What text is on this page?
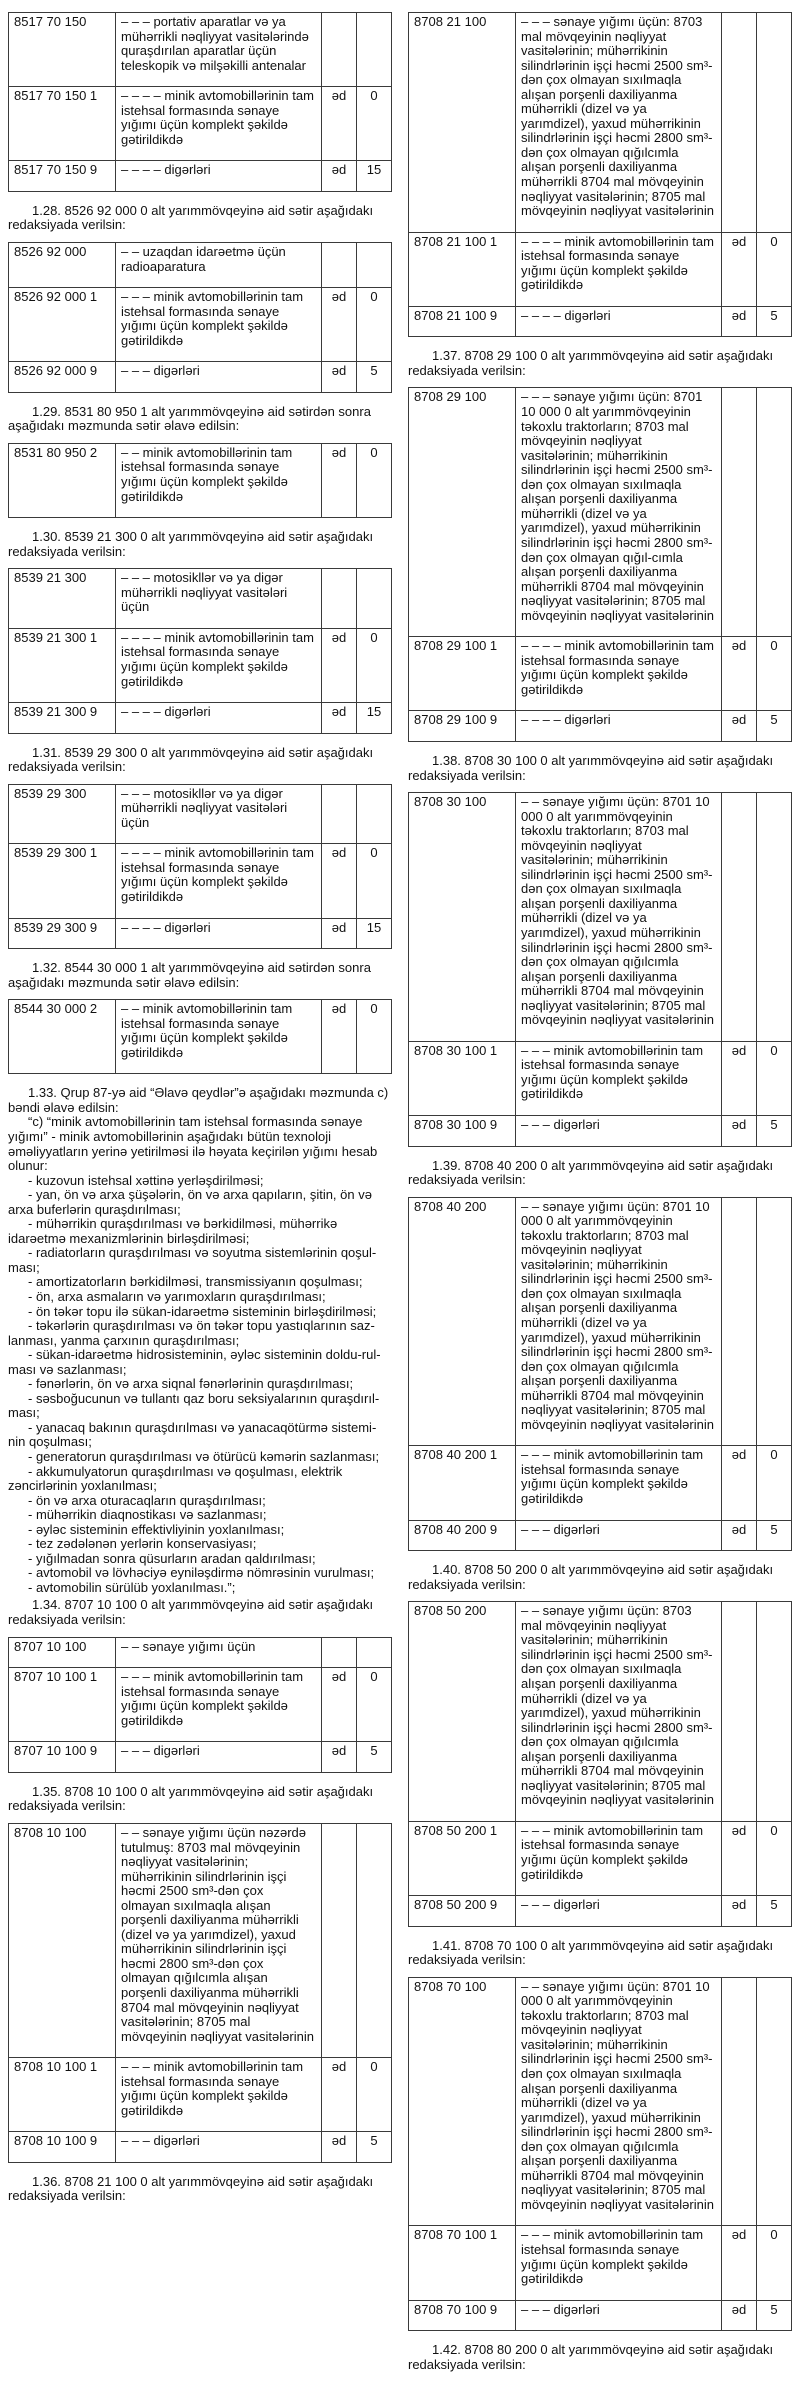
8517 70 150	– – – portativ aparatlar və ya mühərrikli nəqliyyat vasitələrində quraşdırılan aparatlar üçün teleskopik və milşəkilli antenalar		
8517 70 150 1	– – – – minik avtomobillərinin tam istehsal formasında sənaye yığımı üçün komplekt şəkildə gətirildikdə	əd	0
8517 70 150 9	– – – – digərləri	əd	15

1.28. 8526 92 000 0 alt yarımmövqeyinə aid sətir aşağıdakı redaksiyada verilsin:

8526 92 000	– – uzaqdan idarəetmə üçün radioaparatura		
8526 92 000 1	– – – minik avtomobillərinin tam istehsal formasında sənaye yığımı üçün komplekt şəkildə gətirildikdə	əd	0
8526 92 000 9	– – – digərləri	əd	5

1.29. 8531 80 950 1 alt yarımmövqeyinə aid sətirdən sonra aşağıdakı məzmunda sətir əlavə edilsin:

8531 80 950 2	– – minik avtomobillərinin tam istehsal formasında sənaye yığımı üçün komplekt şəkildə gətirildikdə	əd	0

1.30. 8539 21 300 0 alt yarımmövqeyinə aid sətir aşağıdakı redaksiyada verilsin:

8539 21 300	– – – motosikllər və ya digər mühərrikli nəqliyyat vasitələri üçün		
8539 21 300 1	– – – – minik avtomobillərinin tam istehsal formasında sənaye yığımı üçün komplekt şəkildə gətirildikdə	əd	0
8539 21 300 9	– – – – digərləri	əd	15

1.31. 8539 29 300 0 alt yarımmövqeyinə aid sətir aşağıdakı redaksiyada verilsin:

8539 29 300	– – – motosikllər və ya digər mühərrikli nəqliyyat vasitələri üçün		
8539 29 300 1	– – – – minik avtomobillərinin tam istehsal formasında sənaye yığımı üçün komplekt şəkildə gətirildikdə	əd	0
8539 29 300 9	– – – – digərləri	əd	15

1.32. 8544 30 000 1 alt yarımmövqeyinə aid sətirdən sonra aşağıdakı məzmunda sətir əlavə edilsin:

8544 30 000 2	– – minik avtomobillərinin tam istehsal formasında sənaye yığımı üçün komplekt şəkildə gətirildikdə	əd	0

1.33. Qrup 87-yə aid “Əlavə qeydlər”ə aşağıdakı məzmunda c) bəndi əlavə edilsin:

“c) “minik avtomobillərinin tam istehsal formasında sənaye yığımı” - minik avtomobillərinin aşağıdakı bütün texnoloji əməliyyatların yerinə yetirilməsi ilə həyata keçirilən yığımı hesab olunur:

- kuzovun istehsal xəttinə yerləşdirilməsi;

- yan, ön və arxa şüşələrin, ön və arxa qapıların, şitin, ön və arxa buferlərin quraşdırılması;

- mühərrikin quraşdırılması və bərkidilməsi, mühərrikə idarəetmə mexanizmlərinin birləşdirilməsi;

- radiatorların quraşdırılması və soyutma sistemlərinin qoşul-ması;

- amortizatorların bərkidilməsi, transmissiyanın qoşulması;

- ön, arxa asmaların və yarımoxların quraşdırılması;

- ön təkər topu ilə sükan-idarəetmə sisteminin birləşdirilməsi;

- təkərlərin quraşdırılması və ön təkər topu yastıqlarının saz-lanması, yanma çarxının quraşdırılması;

- sükan-idarəetmə hidrosisteminin, əyləc sisteminin doldu-rul-ması və sazlanması;

- fənərlərin, ön və arxa siqnal fənərlərinin quraşdırılması;

- səsboğucunun və tullantı qaz boru seksiyalarının quraşdırıl-ması;

- yanacaq bakının quraşdırılması və yanacaqötürmə sistemi-nin qoşulması;

- generatorun quraşdırılması və ötürücü kəmərin sazlanması;

- akkumulyatorun quraşdırılması və qoşulması, elektrik zəncirlərinin yoxlanılması;

- ön və arxa oturacaqların quraşdırılması;

- mühərrikin diaqnostikası və sazlanması;

- əyləc sisteminin effektivliyinin yoxlanılması;

- tez zədələnən yerlərin konservasiyası;

- yığılmadan sonra qüsurların aradan qaldırılması;

- avtomobil və lövhəciyə eyniləşdirmə nömrəsinin vurulması;

- avtomobilin sürülüb yoxlanılması.”;

1.34. 8707 10 100 0 alt yarımmövqeyinə aid sətir aşağıdakı redaksiyada verilsin:

8707 10 100	– – sənaye yığımı üçün		
8707 10 100 1	– – – minik avtomobillərinin tam istehsal formasında sənaye yığımı üçün komplekt şəkildə gətirildikdə	əd	0
8707 10 100 9	– – – digərləri	əd	5

1.35. 8708 10 100 0 alt yarımmövqeyinə aid sətir aşağıdakı redaksiyada verilsin:

8708 10 100	– – sənaye yığımı üçün nəzərdə tutulmuş: 8703 mal mövqeyinin nəqliyyat vasitələrinin; mühərrikinin silindrlərinin işçi həcmi 2500 sm³-dən çox olmayan sıxılmaqla alışan porşenli daxiliyanma mühərrikli (dizel və ya yarımdizel), yaxud mühərrikinin silindrlərinin işçi həcmi 2800 sm³-dən çox olmayan qığılcımla alışan porşenli daxiliyanma mühərrikli 8704 mal mövqeyinin nəqliyyat vasitələrinin; 8705 mal mövqeyinin nəqliyyat vasitələrinin		
8708 10 100 1	– – – minik avtomobillərinin tam istehsal formasında sənaye yığımı üçün komplekt şəkildə gətirildikdə	əd	0
8708 10 100 9	– – – digərləri	əd	5

1.36. 8708 21 100 0 alt yarımmövqeyinə aid sətir aşağıdakı redaksiyada verilsin:

8708 21 100	– – – sənaye yığımı üçün: 8703 mal mövqeyinin nəqliyyat vasitələrinin; mühərrikinin silindrlərinin işçi həcmi 2500 sm³-dən çox olmayan sıxılmaqla alışan porşenli daxiliyanma mühərrikli (dizel və ya yarımdizel), yaxud mühərrikinin silindrlərinin işçi həcmi 2800 sm³-dən çox olmayan qığılcımla alışan porşenli daxiliyanma mühərrikli 8704 mal mövqeyinin nəqliyyat vasitələrinin; 8705 mal mövqeyinin nəqliyyat vasitələrinin		
8708 21 100 1	– – – – minik avtomobillərinin tam istehsal formasında sənaye yığımı üçün komplekt şəkildə gətirildikdə	əd	0
8708 21 100 9	– – – – digərləri	əd	5

1.37. 8708 29 100 0 alt yarımmövqeyinə aid sətir aşağıdakı redaksiyada verilsin:

8708 29 100	– – – sənaye yığımı üçün: 8701 10 000 0 alt yarımmövqeyinin təkoxlu traktorların; 8703 mal mövqeyinin nəqliyyat vasitələrinin; mühərrikinin silindrlərinin işçi həcmi 2500 sm³-dən çox olmayan sıxılmaqla alışan porşenli daxiliyanma mühərrikli (dizel və ya yarımdizel), yaxud mühərrikinin silindrlərinin işçi həcmi 2800 sm³-dən çox olmayan qığıl-cımla alışan porşenli daxiliyanma mühərrikli 8704 mal mövqeyinin nəqliyyat vasitələrinin; 8705 mal mövqeyinin nəqliyyat vasitələrinin		
8708 29 100 1	– – – – minik avtomobillərinin tam istehsal formasında sənaye yığımı üçün komplekt şəkildə gətirildikdə	əd	0
8708 29 100 9	– – – – digərləri	əd	5

1.38. 8708 30 100 0 alt yarımmövqeyinə aid sətir aşağıdakı redaksiyada verilsin:

8708 30 100	– – sənaye yığımı üçün: 8701 10 000 0 alt yarımmövqeyinin təkoxlu traktorların; 8703 mal mövqeyinin nəqliyyat vasitələrinin; mühərrikinin silindrlərinin işçi həcmi 2500 sm³-dən çox olmayan sıxılmaqla alışan porşenli daxiliyanma mühərrikli (dizel və ya yarımdizel), yaxud mühərrikinin silindrlərinin işçi həcmi 2800 sm³-dən çox olmayan qığılcımla alışan porşenli daxiliyanma mühərrikli 8704 mal mövqeyinin nəqliyyat vasitələrinin; 8705 mal mövqeyinin nəqliyyat vasitələrinin		
8708 30 100 1	– – – minik avtomobillərinin tam istehsal formasında sənaye yığımı üçün komplekt şəkildə gətirildikdə	əd	0
8708 30 100 9	– – – digərləri	əd	5

1.39. 8708 40 200 0 alt yarımmövqeyinə aid sətir aşağıdakı redaksiyada verilsin:

8708 40 200	– – sənaye yığımı üçün: 8701 10 000 0 alt yarımmövqeyinin təkoxlu traktorların; 8703 mal mövqeyinin nəqliyyat vasitələrinin; mühərrikinin silindrlərinin işçi həcmi 2500 sm³-dən çox olmayan sıxılmaqla alışan porşenli daxiliyanma mühərrikli (dizel və ya yarımdizel), yaxud mühərrikinin silindrlərinin işçi həcmi 2800 sm³-dən çox olmayan qığılcımla alışan porşenli daxiliyanma mühərrikli 8704 mal mövqeyinin nəqliyyat vasitələrinin; 8705 mal mövqeyinin nəqliyyat vasitələrinin		
8708 40 200 1	– – – minik avtomobillərinin tam istehsal formasında sənaye yığımı üçün komplekt şəkildə gətirildikdə	əd	0
8708 40 200 9	– – – digərləri	əd	5

1.40. 8708 50 200 0 alt yarımmövqeyinə aid sətir aşağıdakı redaksiyada verilsin:

8708 50 200	– – sənaye yığımı üçün: 8703 mal mövqeyinin nəqliyyat vasitələrinin; mühərrikinin silindrlərinin işçi həcmi 2500 sm³-dən çox olmayan sıxılmaqla alışan porşenli daxiliyanma mühərrikli (dizel və ya yarımdizel), yaxud mühərrikinin silindrlərinin işçi həcmi 2800 sm³-dən çox olmayan qığılcımla alışan porşenli daxiliyanma mühərrikli 8704 mal mövqeyinin nəqliyyat vasitələrinin; 8705 mal mövqeyinin nəqliyyat vasitələrinin		
8708 50 200 1	– – – minik avtomobillərinin tam istehsal formasında sənaye yığımı üçün komplekt şəkildə gətirildikdə	əd	0
8708 50 200 9	– – – digərləri	əd	5

1.41. 8708 70 100 0 alt yarımmövqeyinə aid sətir aşağıdakı redaksiyada verilsin:

8708 70 100	– – sənaye yığımı üçün: 8701 10 000 0 alt yarımmövqeyinin təkoxlu traktorların; 8703 mal mövqeyinin nəqliyyat vasitələrinin; mühərrikinin silindrlərinin işçi həcmi 2500 sm³-dən çox olmayan sıxılmaqla alışan porşenli daxiliyanma mühərrikli (dizel və ya yarımdizel), yaxud mühərrikinin silindrlərinin işçi həcmi 2800 sm³-dən çox olmayan qığılcımla alışan porşenli daxiliyanma mühərrikli 8704 mal mövqeyinin nəqliyyat vasitələrinin; 8705 mal mövqeyinin nəqliyyat vasitələrinin		
8708 70 100 1	– – – minik avtomobillərinin tam istehsal formasında sənaye yığımı üçün komplekt şəkildə gətirildikdə	əd	0
8708 70 100 9	– – – digərləri	əd	5

1.42. 8708 80 200 0 alt yarımmövqeyinə aid sətir aşağıdakı redaksiyada verilsin:
